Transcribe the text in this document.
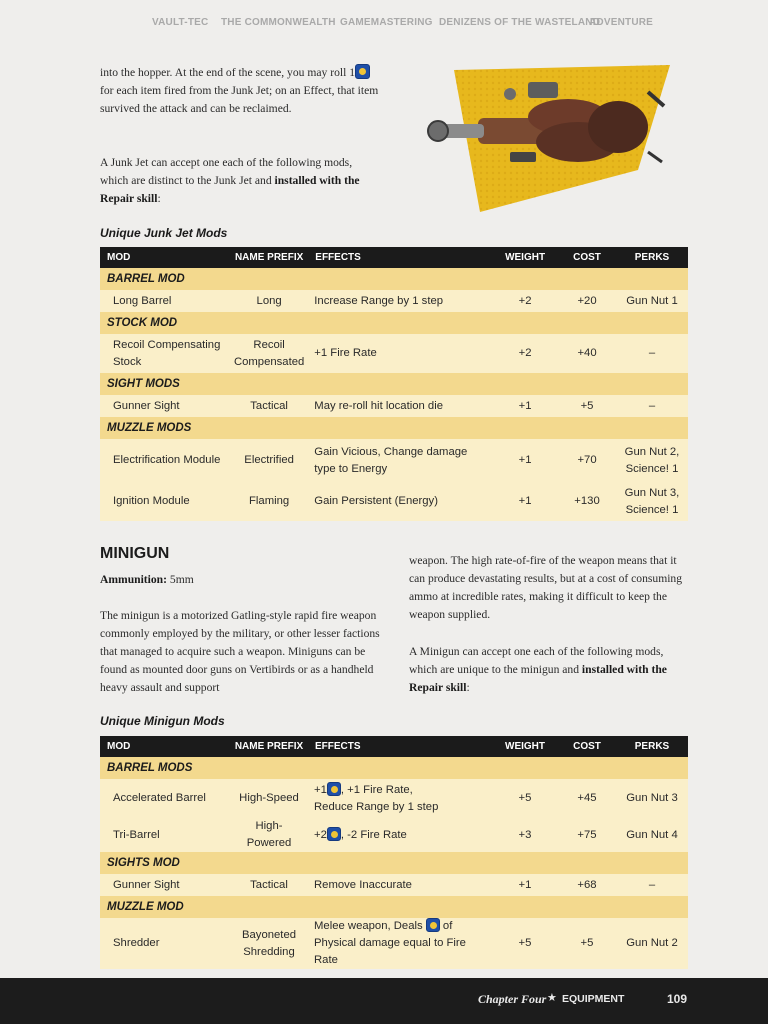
VAULT-TEC THE COMMONWEALTH GAMEMASTERING DENIZENS OF THE WASTELAND
ADVENTURE

into the hopper. At the end of the scene, you may roll 1 for each item fired from the Junk Jet; on an Effect, that item survived the attack and can be reclaimed.

A Junk Jet can accept one each of the following mods, which are distinct to the Junk Jet and installed with the Repair skill:

Unique Junk Jet Mods
MOD	NAME PREFIX	EFFECTS	WEIGHT	COST	PERKS
BARREL MOD					
Long Barrel	Long	Increase Range by 1 step	+2	+20	Gun Nut 1
STOCK MOD					
Recoil Compensating Stock	Recoil Compensated	+1 Fire Rate	+2	+40	–
SIGHT MODS					
Gunner Sight	Tactical	May re-roll hit location die	+1	+5	–
MUZZLE MODS					
Electrification Module	Electrified	Gain Vicious, Change damage type to Energy	+1	+70	Gun Nut 2, Science! 1
Ignition Module	Flaming	Gain Persistent (Energy)	+1	+130	Gun Nut 3, Science! 1
MINIGUN

Ammunition: 5mm

The minigun is a motorized Gatling-style rapid fire weapon commonly employed by the military, or other lesser factions that managed to acquire such a weapon. Miniguns can be found as mounted door guns on Vertibirds or as a handheld heavy assault and support

weapon. The high rate-of-fire of the weapon means that it can produce devastating results, but at a cost of consuming ammo at incredible rates, making it difficult to keep the weapon supplied.

A Minigun can accept one each of the following mods, which are unique to the minigun and installed with the Repair skill:

Unique Minigun Mods
MOD	NAME PREFIX	EFFECTS	WEIGHT	COST	PERKS
BARREL MODS					
Accelerated Barrel	High-Speed	+1 , +1 Fire Rate,
Reduce Range by 1 step	+5	+45	Gun Nut 3
Tri-Barrel	High-Powered	+2 , -2 Fire Rate	+3	+75	Gun Nut 4
SIGHTS MOD					
Gunner Sight	Tactical	Remove Inaccurate	+1	+68	–
MUZZLE MOD					
Shredder	Bayoneted Shredding	Melee weapon, Deals  of
Physical damage equal to Fire Rate	+5	+5	Gun Nut 2
Chapter Four ★ EQUIPMENT	109
